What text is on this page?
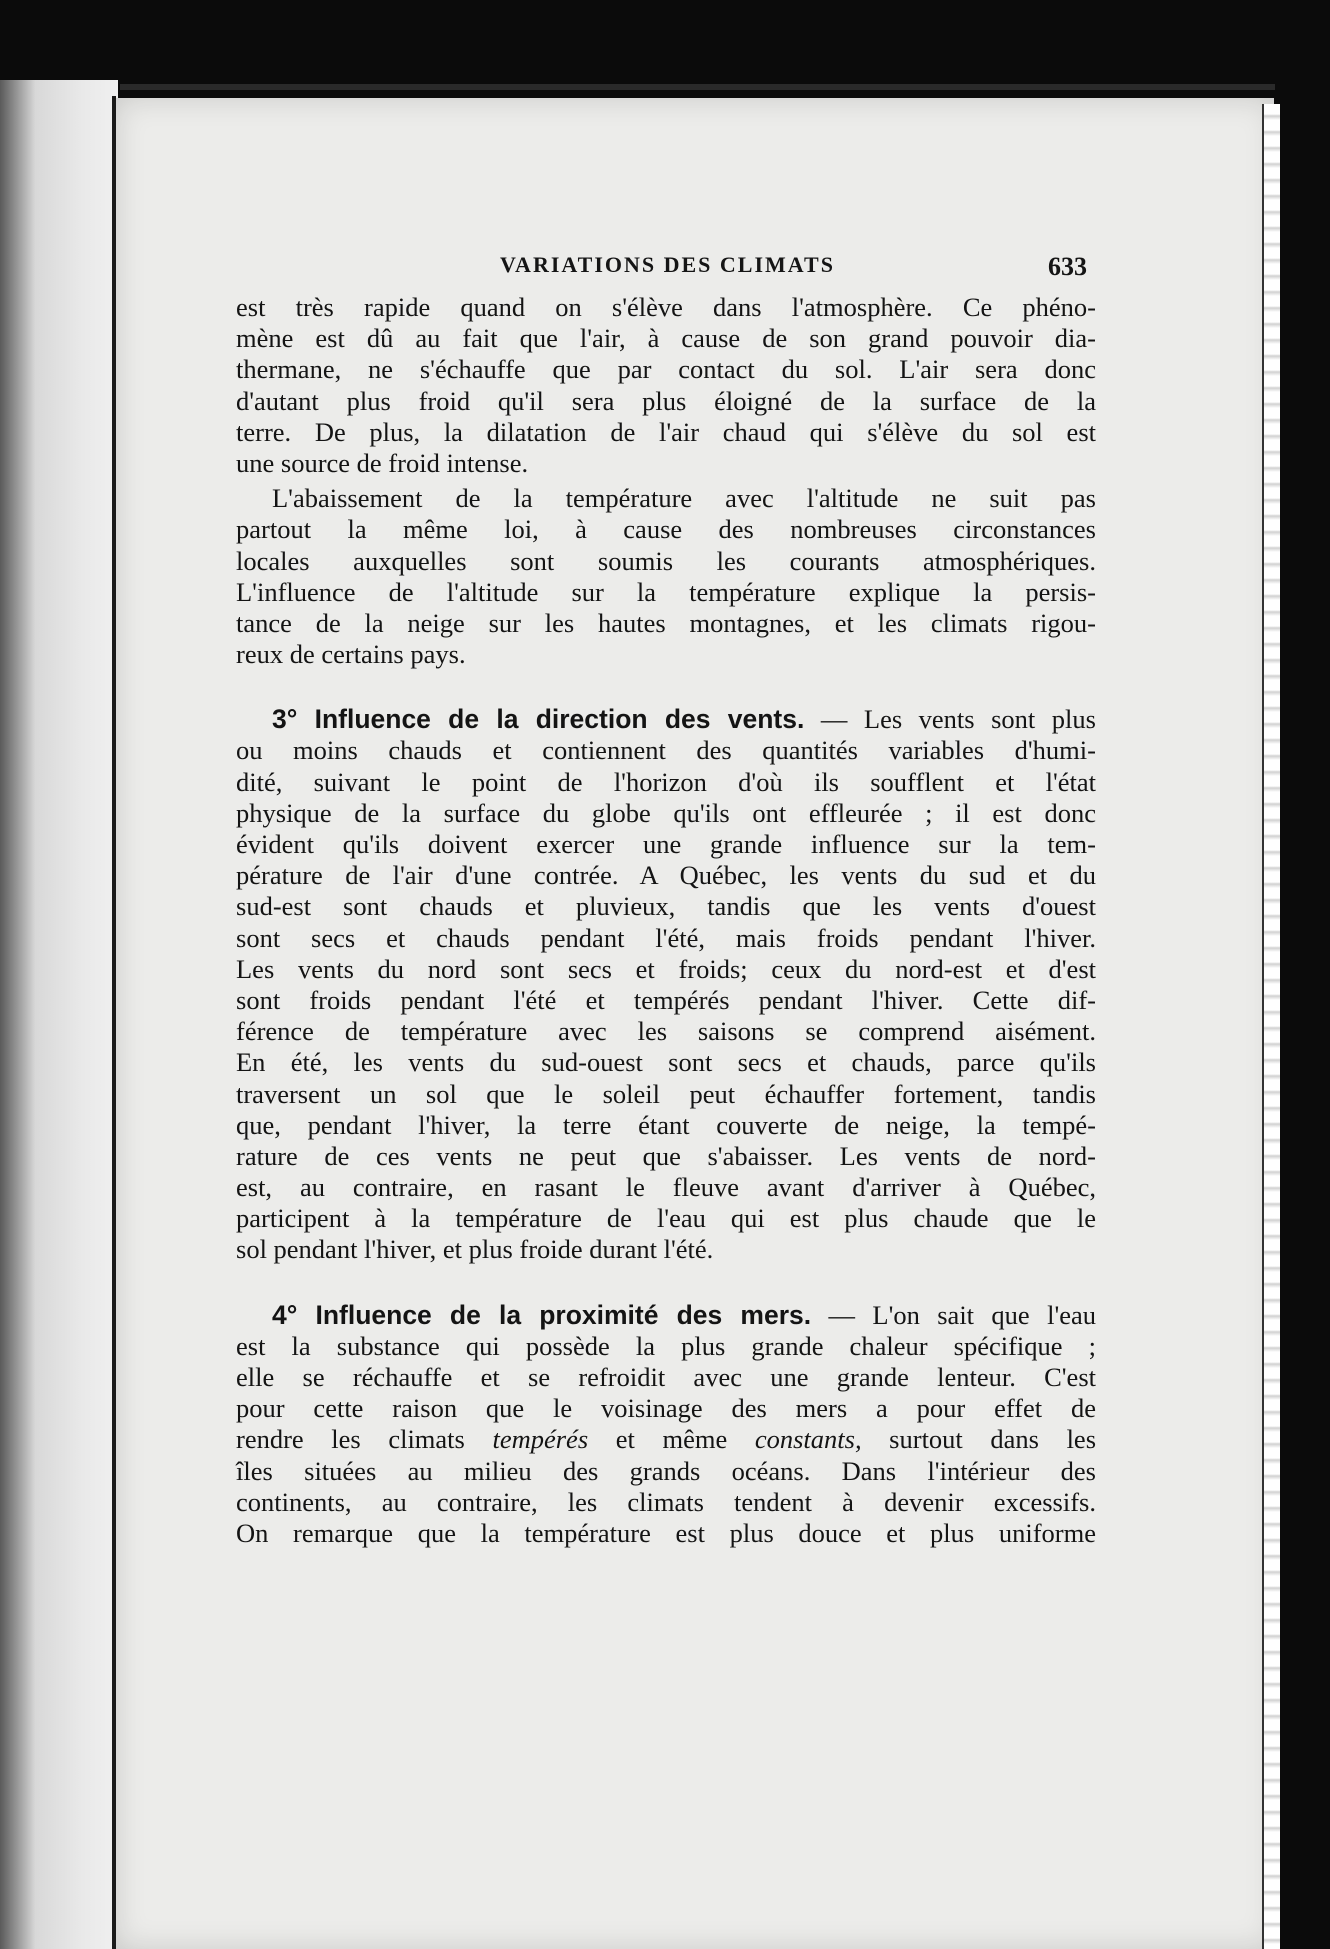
VARIATIONS DES CLIMATS	633
est très rapide quand on s'élève dans l'atmosphère. Ce phéno-
mène est dû au fait que l'air, à cause de son grand pouvoir dia-
thermane, ne s'échauffe que par contact du sol. L'air sera donc
d'autant plus froid qu'il sera plus éloigné de la surface de la
terre. De plus, la dilatation de l'air chaud qui s'élève du sol est
une source de froid intense.
L'abaissement de la température avec l'altitude ne suit pas
partout la même loi, à cause des nombreuses circonstances
locales auxquelles sont soumis les courants atmosphériques.
L'influence de l'altitude sur la température explique la persis-
tance de la neige sur les hautes montagnes, et les climats rigou-
reux de certains pays.
3° Influence de la direction des vents. — Les vents sont plus
ou moins chauds et contiennent des quantités variables d'humi-
dité, suivant le point de l'horizon d'où ils soufflent et l'état
physique de la surface du globe qu'ils ont effleurée ; il est donc
évident qu'ils doivent exercer une grande influence sur la tem-
pérature de l'air d'une contrée. A Québec, les vents du sud et du
sud-est sont chauds et pluvieux, tandis que les vents d'ouest
sont secs et chauds pendant l'été, mais froids pendant l'hiver.
Les vents du nord sont secs et froids; ceux du nord-est et d'est
sont froids pendant l'été et tempérés pendant l'hiver. Cette dif-
férence de température avec les saisons se comprend aisément.
En été, les vents du sud-ouest sont secs et chauds, parce qu'ils
traversent un sol que le soleil peut échauffer fortement, tandis
que, pendant l'hiver, la terre étant couverte de neige, la tempé-
rature de ces vents ne peut que s'abaisser. Les vents de nord-
est, au contraire, en rasant le fleuve avant d'arriver à Québec,
participent à la température de l'eau qui est plus chaude que le
sol pendant l'hiver, et plus froide durant l'été.
4° Influence de la proximité des mers. — L'on sait que l'eau
est la substance qui possède la plus grande chaleur spécifique ;
elle se réchauffe et se refroidit avec une grande lenteur. C'est
pour cette raison que le voisinage des mers a pour effet de
rendre les climats tempérés et même constants, surtout dans les
îles situées au milieu des grands océans. Dans l'intérieur des
continents, au contraire, les climats tendent à devenir excessifs.
On remarque que la température est plus douce et plus uniforme
